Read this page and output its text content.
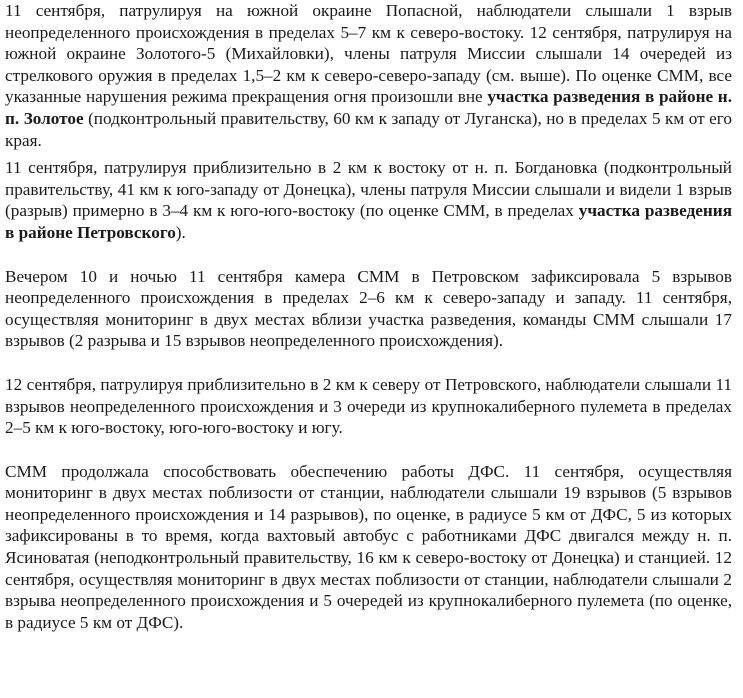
11 сентября, патрулируя на южной окраине Попасной, наблюдатели слышали 1 взрыв неопределенного происхождения в пределах 5–7 км к северо-востоку. 12 сентября, патрулируя на южной окраине Золотого-5 (Михайловки), члены патруля Миссии слышали 14 очередей из стрелкового оружия в пределах 1,5–2 км к северо-северо-западу (см. выше). По оценке СММ, все указанные нарушения режима прекращения огня произошли вне участка разведения в районе н. п. Золотое (подконтрольный правительству, 60 км к западу от Луганска), но в пределах 5 км от его края.

11 сентября, патрулируя приблизительно в 2 км к востоку от н. п. Богдановка (подконтрольный правительству, 41 км к юго-западу от Донецка), члены патруля Миссии слышали и видели 1 взрыв (разрыв) примерно в 3–4 км к юго-юго-востоку (по оценке СММ, в пределах участка разведения в районе Петровского).

Вечером 10 и ночью 11 сентября камера СММ в Петровском зафиксировала 5 взрывов неопределенного происхождения в пределах 2–6 км к северо-западу и западу. 11 сентября, осуществляя мониторинг в двух местах вблизи участка разведения, команды СММ слышали 17 взрывов (2 разрыва и 15 взрывов неопределенного происхождения).

12 сентября, патрулируя приблизительно в 2 км к северу от Петровского, наблюдатели слышали 11 взрывов неопределенного происхождения и 3 очереди из крупнокалиберного пулемета в пределах 2–5 км к юго-востоку, юго-юго-востоку и югу.

СММ продолжала способствовать обеспечению работы ДФС. 11 сентября, осуществляя мониторинг в двух местах поблизости от станции, наблюдатели слышали 19 взрывов (5 взрывов неопределенного происхождения и 14 разрывов), по оценке, в радиусе 5 км от ДФС, 5 из которых зафиксированы в то время, когда вахтовый автобус с работниками ДФС двигался между н. п. Ясиноватая (неподконтрольный правительству, 16 км к северо-востоку от Донецка) и станцией. 12 сентября, осуществляя мониторинг в двух местах поблизости от станции, наблюдатели слышали 2 взрыва неопределенного происхождения и 5 очередей из крупнокалиберного пулемета (по оценке, в радиусе 5 км от ДФС).
